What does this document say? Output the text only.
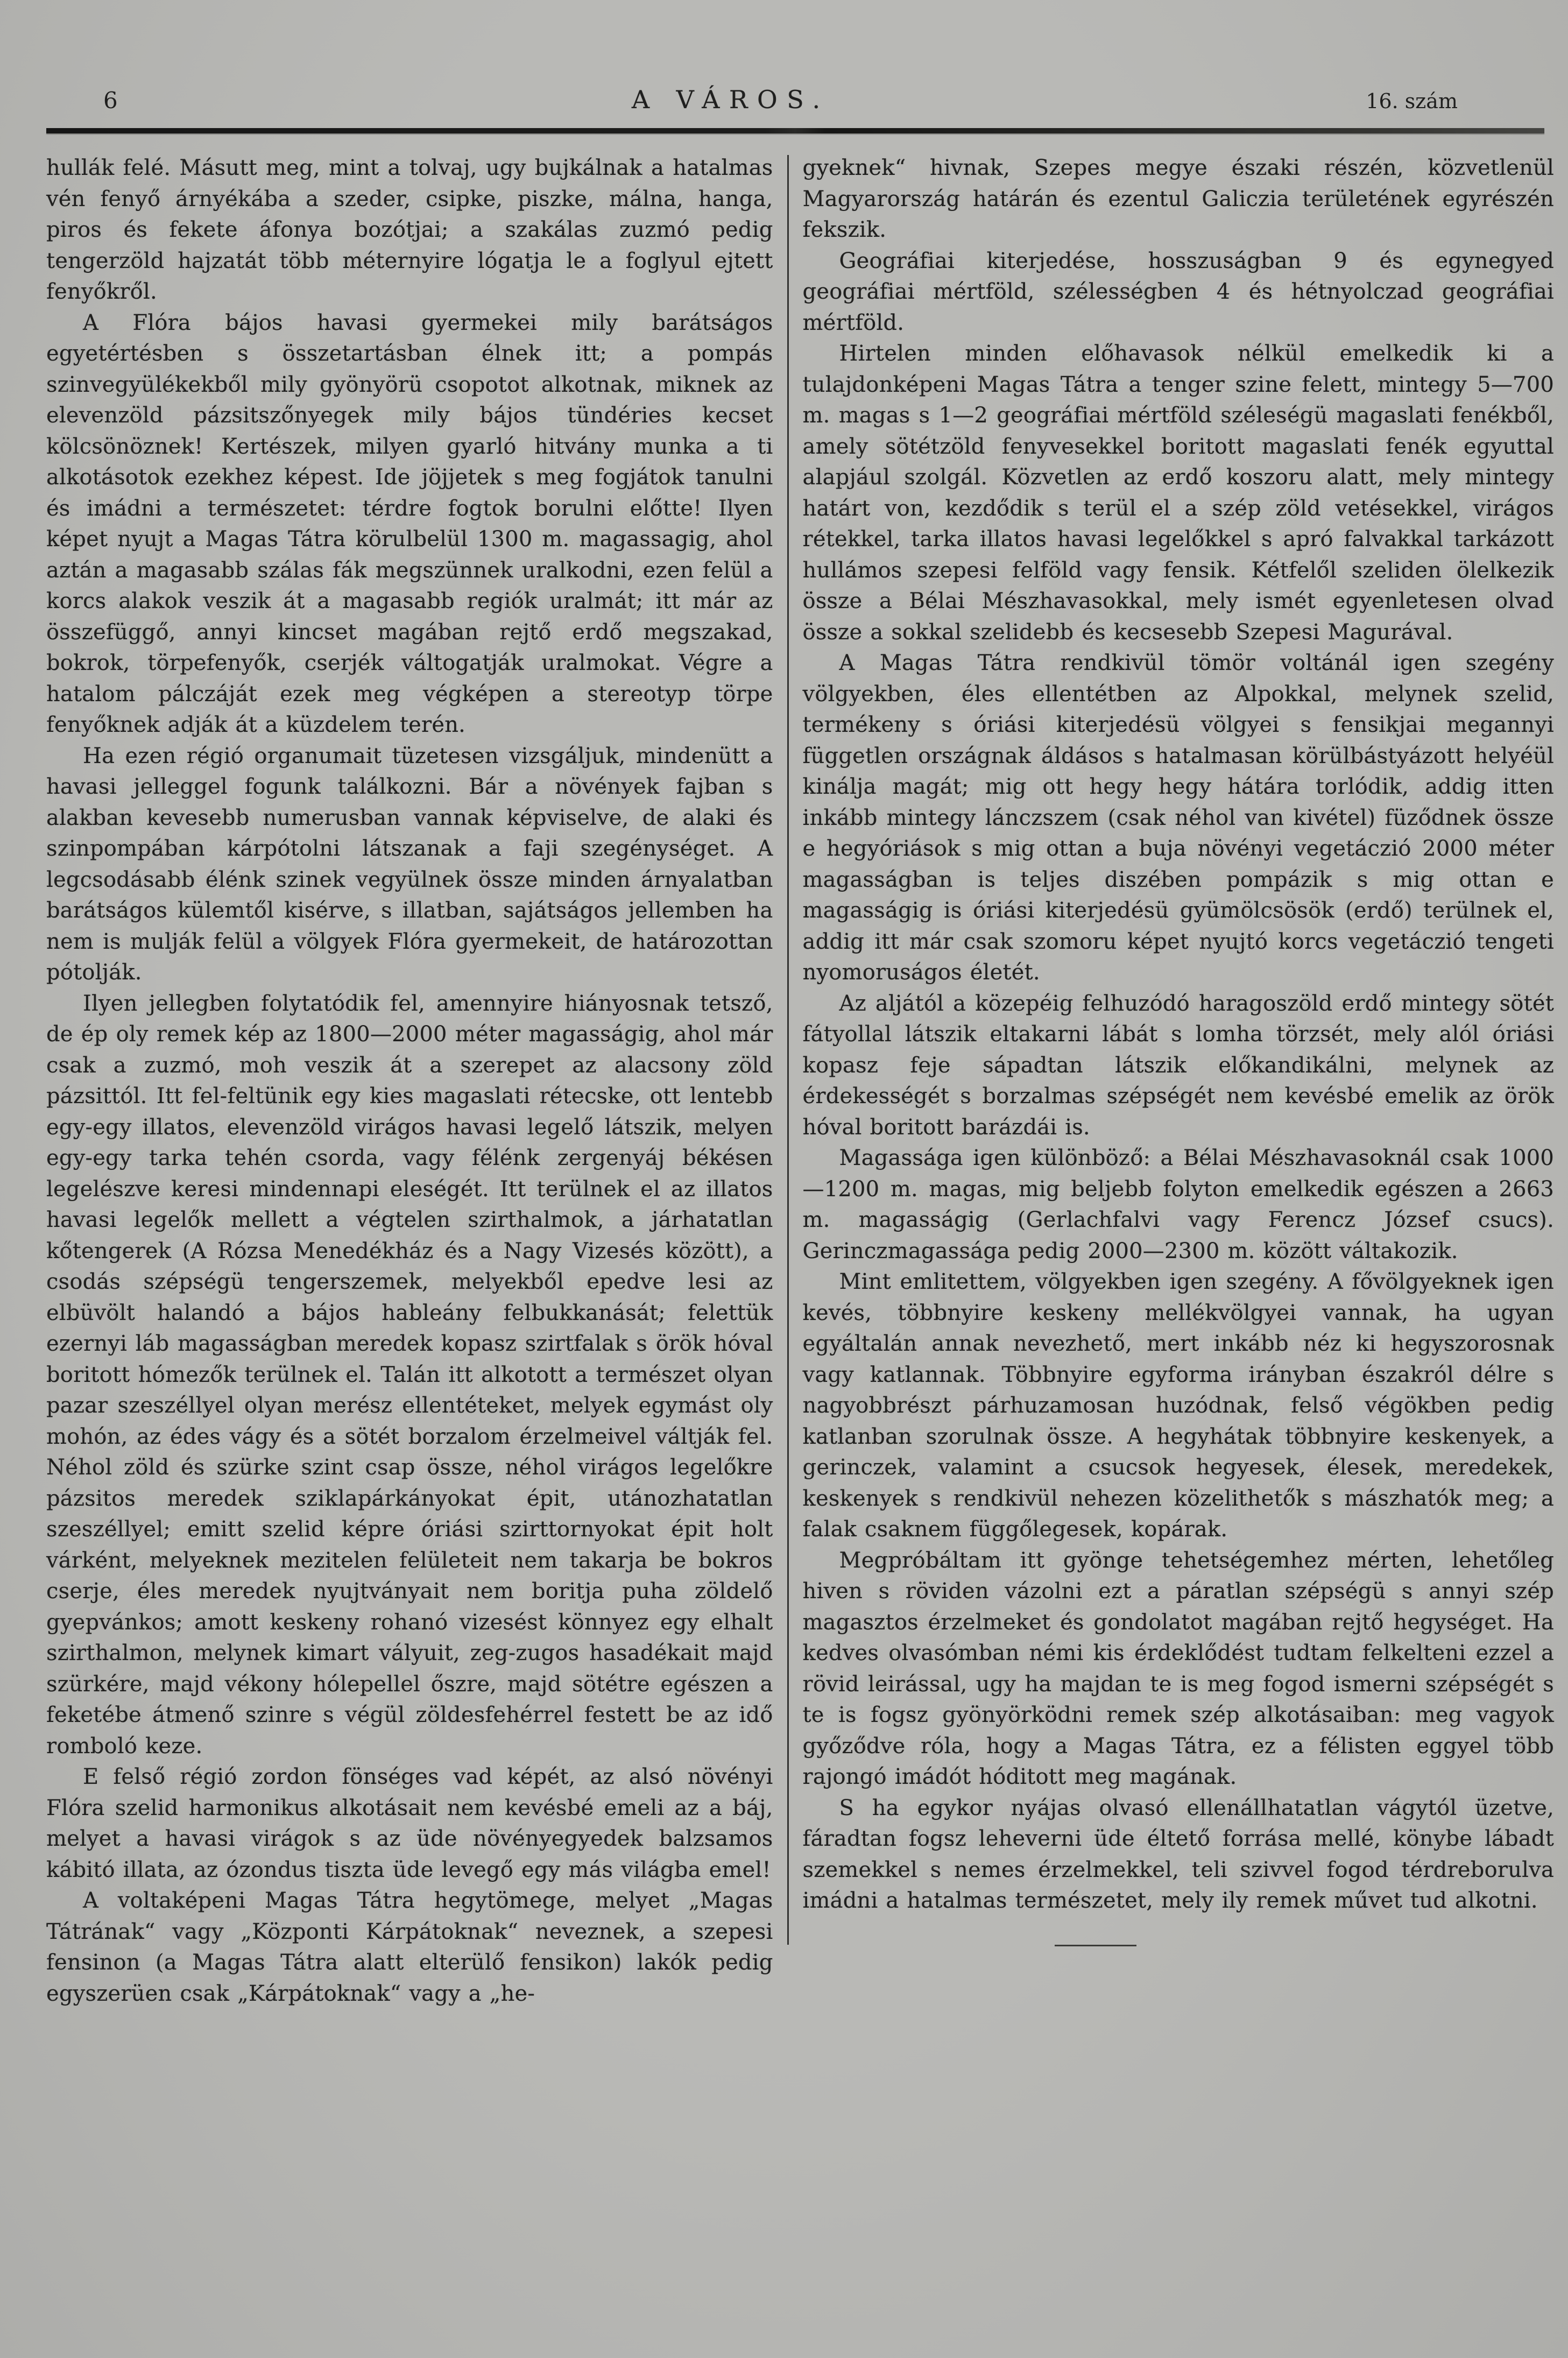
6	A VÁROS.	16. szám

hullák felé. Másutt meg, mint a tolvaj, ugy bujkálnak a hatalmas vén fenyő árnyékába a szeder, csipke, piszke, málna, hanga, piros és fekete áfonya bozótjai; a szakálas zuzmó pedig tengerzöld hajzatát több méternyire lógatja le a foglyul ejtett fenyőkről.

A Flóra bájos havasi gyermekei mily barátságos egyetértésben s összetartásban élnek itt; a pompás szinvegyülékekből mily gyönyörü csopotot alkotnak, miknek az elevenzöld pázsitszőnyegek mily bájos tündéries kecset kölcsönöznek! Kertészek, milyen gyarló hitvány munka a ti alkotásotok ezekhez képest. Ide jöjjetek s meg fogjátok tanulni és imádni a természetet: térdre fogtok borulni előtte! Ilyen képet nyujt a Magas Tátra körulbelül 1300 m. magassagig, ahol aztán a magasabb szálas fák megszünnek uralkodni, ezen felül a korcs alakok veszik át a magasabb regiók uralmát; itt már az összefüggő, annyi kincset magában rejtő erdő megszakad, bokrok, törpefenyők, cserjék váltogatják uralmokat. Végre a hatalom pálczáját ezek meg végképen a stereotyp törpe fenyőknek adják át a küzdelem terén.

Ha ezen régió organumait tüzetesen vizsgáljuk, mindenütt a havasi jelleggel fogunk találkozni. Bár a növények fajban s alakban kevesebb numerusban vannak képviselve, de alaki és szinpompában kárpótolni látszanak a faji szegénységet. A legcsodásabb élénk szinek vegyülnek össze minden árnyalatban barátságos külemtől kisérve, s illatban, sajátságos jellemben ha nem is mulják felül a völgyek Flóra gyermekeit, de határozottan pótolják.

Ilyen jellegben folytatódik fel, amennyire hiányosnak tetsző, de ép oly remek kép az 1800—2000 méter magasságig, ahol már csak a zuzmó, moh veszik át a szerepet az alacsony zöld pázsittól. Itt fel-feltünik egy kies magaslati rétecske, ott lentebb egy-egy illatos, elevenzöld virágos havasi legelő látszik, melyen egy-egy tarka tehén csorda, vagy félénk zergenyáj békésen legelészve keresi mindennapi eleségét. Itt terülnek el az illatos havasi legelők mellett a végtelen szirthalmok, a járhatatlan kőtengerek (A Rózsa Menedékház és a Nagy Vizesés között), a csodás szépségü tengerszemek, melyekből epedve lesi az elbüvölt halandó a bájos hableány felbukkanását; felettük ezernyi láb magasságban meredek kopasz szirtfalak s örök hóval boritott hómezők terülnek el. Talán itt alkotott a természet olyan pazar szeszéllyel olyan merész ellentéteket, melyek egymást oly mohón, az édes vágy és a sötét borzalom érzelmeivel váltják fel. Néhol zöld és szürke szint csap össze, néhol virágos legelőkre pázsitos meredek sziklapárkányokat épit, utánozhatatlan szeszéllyel; emitt szelid képre óriási szirttornyokat épit holt várként, melyeknek mezitelen felületeit nem takarja be bokros cserje, éles meredek nyujtványait nem boritja puha zöldelő gyepvánkos; amott keskeny rohanó vizesést könnyez egy elhalt szirthalmon, melynek kimart vályuit, zeg-zugos hasadékait majd szürkére, majd vékony hólepellel őszre, majd sötétre egészen a feketébe átmenő szinre s végül zöldesfehérrel festett be az idő romboló keze.

E felső régió zordon fönséges vad képét, az alsó növényi Flóra szelid harmonikus alkotásait nem kevésbé emeli az a báj, melyet a havasi virágok s az üde növényegyedek balzsamos kábitó illata, az ózondus tiszta üde levegő egy más világba emel!

A voltaképeni Magas Tátra hegytömege, melyet „Magas Tátrának“ vagy „Központi Kárpátoknak“ neveznek, a szepesi fensinon (a Magas Tátra alatt elterülő fensikon) lakók pedig egyszerüen csak „Kárpátoknak“ vagy a „he-

gyeknek“ hivnak, Szepes megye északi részén, közvetlenül Magyarország határán és ezentul Galiczia területének egyrészén fekszik.

Geográfiai kiterjedése, hosszuságban 9 és egynegyed geográfiai mértföld, szélességben 4 és hétnyolczad geográfiai mértföld.

Hirtelen minden előhavasok nélkül emelkedik ki a tulajdonképeni Magas Tátra a tenger szine felett, mintegy 5—700 m. magas s 1—2 geográfiai mértföld széleségü magaslati fenékből, amely sötétzöld fenyvesekkel boritott magaslati fenék egyuttal alapjául szolgál. Közvetlen az erdő koszoru alatt, mely mintegy határt von, kezdődik s terül el a szép zöld vetésekkel, virágos rétekkel, tarka illatos havasi legelőkkel s apró falvakkal tarkázott hullámos szepesi felföld vagy fensik. Kétfelől szeliden ölelkezik össze a Bélai Mészhavasokkal, mely ismét egyenletesen olvad össze a sokkal szelidebb és kecsesebb Szepesi Magurával.

A Magas Tátra rendkivül tömör voltánál igen szegény völgyekben, éles ellentétben az Alpokkal, melynek szelid, termékeny s óriási kiterjedésü völgyei s fensikjai megannyi független országnak áldásos s hatalmasan körülbástyázott helyéül kinálja magát; mig ott hegy hegy hátára torlódik, addig itten inkább mintegy lánczszem (csak néhol van kivétel) füződnek össze e hegyóriások s mig ottan a buja növényi vegetáczió 2000 méter magasságban is teljes diszében pompázik s mig ottan e magasságig is óriási kiterjedésü gyümölcsösök (erdő) terülnek el, addig itt már csak szomoru képet nyujtó korcs vegetáczió tengeti nyomoruságos életét.

Az aljától a közepéig felhuzódó haragoszöld erdő mintegy sötét fátyollal látszik eltakarni lábát s lomha törzsét, mely alól óriási kopasz feje sápadtan látszik előkandikálni, melynek az érdekességét s borzalmas szépségét nem kevésbé emelik az örök hóval boritott barázdái is.

Magassága igen különböző: a Bélai Mészhavasoknál csak 1000—1200 m. magas, mig beljebb folyton emelkedik egészen a 2663 m. magasságig (Gerlachfalvi vagy Ferencz József csucs). Gerinczmagassága pedig 2000—2300 m. között váltakozik.

Mint emlitettem, völgyekben igen szegény. A fővölgyeknek igen kevés, többnyire keskeny mellékvölgyei vannak, ha ugyan egyáltalán annak nevezhető, mert inkább néz ki hegyszorosnak vagy katlannak. Többnyire egyforma irányban északról délre s nagyobbrészt párhuzamosan huzódnak, felső végökben pedig katlanban szorulnak össze. A hegyhátak többnyire keskenyek, a gerinczek, valamint a csucsok hegyesek, élesek, meredekek, keskenyek s rendkivül nehezen közelithetők s mászhatók meg; a falak csaknem függőlegesek, kopárak.

Megpróbáltam itt gyönge tehetségemhez mérten, lehetőleg hiven s röviden vázolni ezt a páratlan szépségü s annyi szép magasztos érzelmeket és gondolatot magában rejtő hegységet. Ha kedves olvasómban némi kis érdeklődést tudtam felkelteni ezzel a rövid leirással, ugy ha majdan te is meg fogod ismerni szépségét s te is fogsz gyönyörködni remek szép alkotásaiban: meg vagyok győződve róla, hogy a Magas Tátra, ez a félisten eggyel több rajongó imádót hóditott meg magának.

S ha egykor nyájas olvasó ellenállhatatlan vágytól üzetve, fáradtan fogsz leheverni üde éltető forrása mellé, könybe lábadt szemekkel s nemes érzelmekkel, teli szivvel fogod térdreborulva imádni a hatalmas természetet, mely ily remek művet tud alkotni.
